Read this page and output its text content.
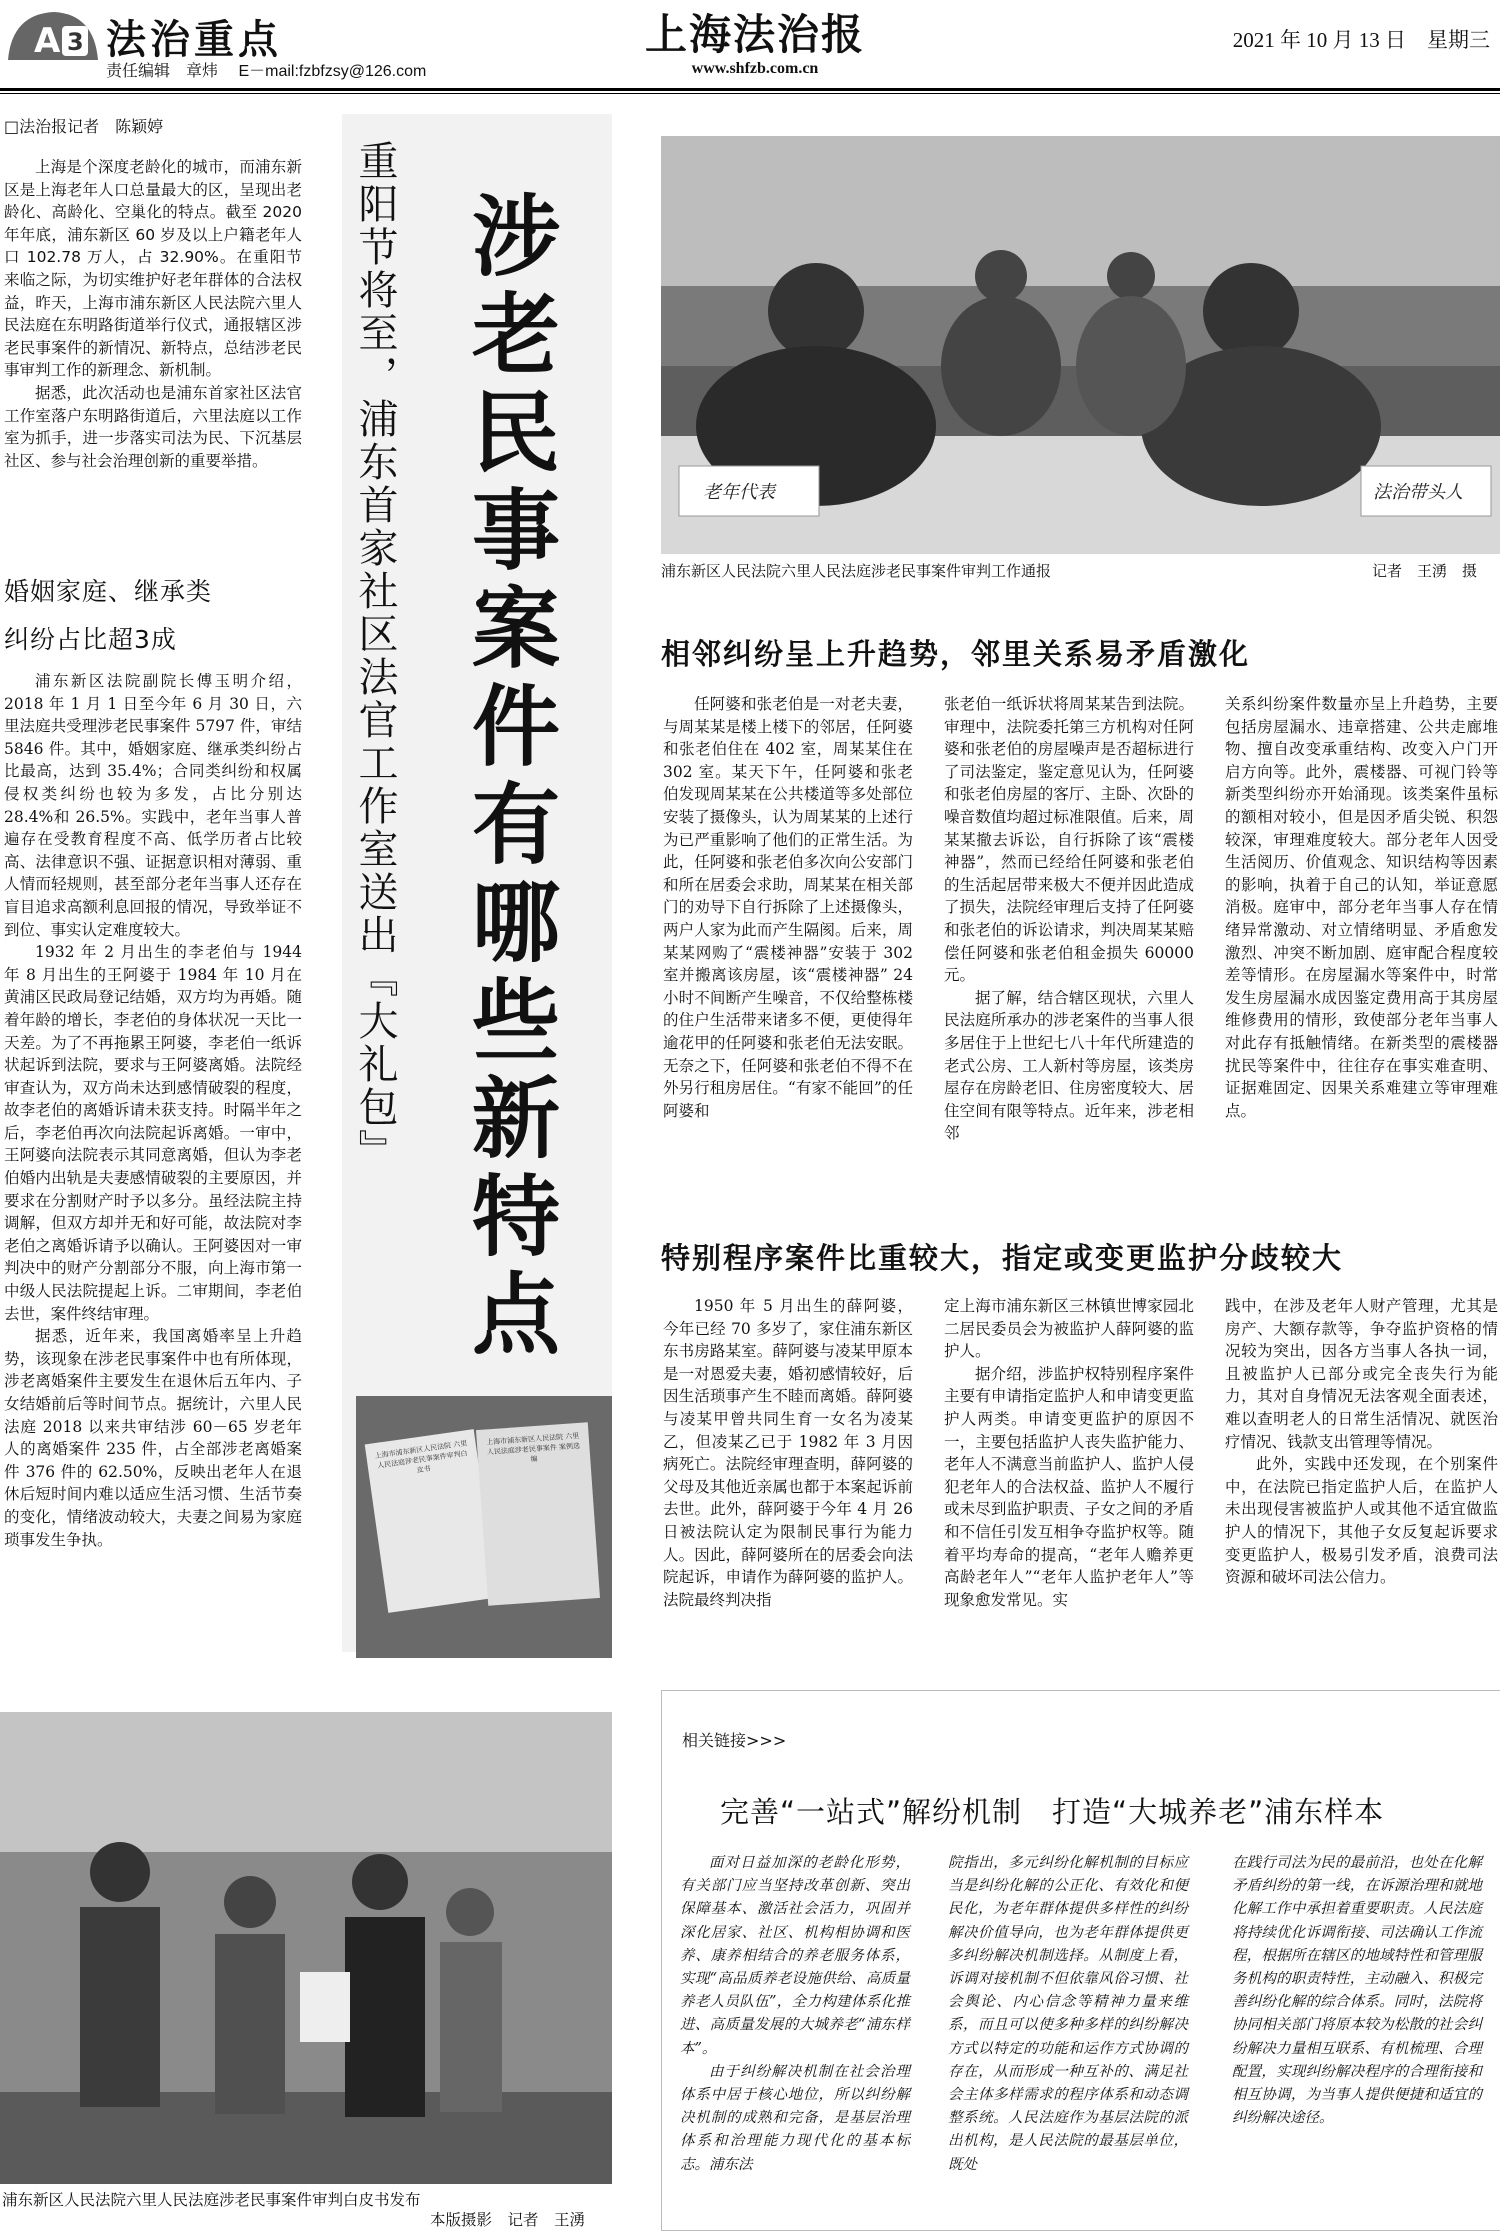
A 3 法治重点
责任编辑　章炜 E－mail:fzbfzsy@126.com
上海法治报
www.shfzb.com.cn
2021 年 10 月 13 日　星期三
□法治报记者　陈颖婷

上海是个深度老龄化的城市，而浦东新区是上海老年人口总量最大的区，呈现出老龄化、高龄化、空巢化的特点。截至 2020 年年底，浦东新区 60 岁及以上户籍老年人口 102.78 万人，占 32.90%。在重阳节来临之际，为切实维护好老年群体的合法权益，昨天，上海市浦东新区人民法院六里人民法庭在东明路街道举行仪式，通报辖区涉老民事案件的新情况、新特点，总结涉老民事审判工作的新理念、新机制。

据悉，此次活动也是浦东首家社区法官工作室落户东明路街道后，六里法庭以工作室为抓手，进一步落实司法为民、下沉基层社区、参与社会治理创新的重要举措。

婚姻家庭、继承类
纠纷占比超3成

浦东新区法院副院长傅玉明介绍，2018 年 1 月 1 日至今年 6 月 30 日，六里法庭共受理涉老民事案件 5797 件，审结 5846 件。其中，婚姻家庭、继承类纠纷占比最高，达到 35.4%；合同类纠纷和权属侵权类纠纷也较为多发，占比分别达 28.4%和 26.5%。实践中，老年当事人普遍存在受教育程度不高、低学历者占比较高、法律意识不强、证据意识相对薄弱、重人情而轻规则，甚至部分老年当事人还存在盲目追求高额利息回报的情况，导致举证不到位、事实认定难度较大。

1932 年 2 月出生的李老伯与 1944 年 8 月出生的王阿婆于 1984 年 10 月在黄浦区民政局登记结婚，双方均为再婚。随着年龄的增长，李老伯的身体状况一天比一天差。为了不再拖累王阿婆，李老伯一纸诉状起诉到法院，要求与王阿婆离婚。法院经审查认为，双方尚未达到感情破裂的程度，故李老伯的离婚诉请未获支持。时隔半年之后，李老伯再次向法院起诉离婚。一审中，王阿婆向法院表示其同意离婚，但认为李老伯婚内出轨是夫妻感情破裂的主要原因，并要求在分割财产时予以多分。虽经法院主持调解，但双方却并无和好可能，故法院对李老伯之离婚诉请予以确认。王阿婆因对一审判决中的财产分割部分不服，向上海市第一中级人民法院提起上诉。二审期间，李老伯去世，案件终结审理。

据悉，近年来，我国离婚率呈上升趋势，该现象在涉老民事案件中也有所体现，涉老离婚案件主要发生在退休后五年内、子女结婚前后等时间节点。据统计，六里人民法庭 2018 以来共审结涉 60－65 岁老年人的离婚案件 235 件，占全部涉老离婚案件 376 件的 62.50%，反映出老年人在退休后短时间内难以适应生活习惯、生活节奏的变化，情绪波动较大，夫妻之间易为家庭琐事发生争执。

重阳节将至，浦东首家社区法官工作室送出『大礼包』 涉老民事案件有哪些新特点
上海市浦东新区人民法院 六里人民法庭涉老民事案件审判白皮书
上海市浦东新区人民法院 六里人民法庭涉老民事案件 案例选编
老年代表	法治带头人
浦东新区人民法院六里人民法庭涉老民事案件审判工作通报	记者　王湧　摄
相邻纠纷呈上升趋势，邻里关系易矛盾激化

任阿婆和张老伯是一对老夫妻，与周某某是楼上楼下的邻居，任阿婆和张老伯住在 402 室，周某某住在 302 室。某天下午，任阿婆和张老伯发现周某某在公共楼道等多处部位安装了摄像头，认为周某某的上述行为已严重影响了他们的正常生活。为此，任阿婆和张老伯多次向公安部门和所在居委会求助，周某某在相关部门的劝导下自行拆除了上述摄像头，两户人家为此而产生隔阂。后来，周某某网购了“震楼神器”安装于 302 室并搬离该房屋，该“震楼神器” 24 小时不间断产生噪音，不仅给整栋楼的住户生活带来诸多不便，更使得年逾花甲的任阿婆和张老伯无法安眠。无奈之下，任阿婆和张老伯不得不在外另行租房居住。“有家不能回”的任阿婆和

张老伯一纸诉状将周某某告到法院。审理中，法院委托第三方机构对任阿婆和张老伯的房屋噪声是否超标进行了司法鉴定，鉴定意见认为，任阿婆和张老伯房屋的客厅、主卧、次卧的噪音数值均超过标准限值。后来，周某某撤去诉讼，自行拆除了该“震楼神器”，然而已经给任阿婆和张老伯的生活起居带来极大不便并因此造成了损失，法院经审理后支持了任阿婆和张老伯的诉讼请求，判决周某某赔偿任阿婆和张老伯租金损失 60000 元。

据了解，结合辖区现状，六里人民法庭所承办的涉老案件的当事人很多居住于上世纪七八十年代所建造的老式公房、工人新村等房屋，该类房屋存在房龄老旧、住房密度较大、居住空间有限等特点。近年来，涉老相邻

关系纠纷案件数量亦呈上升趋势，主要包括房屋漏水、违章搭建、公共走廊堆物、擅自改变承重结构、改变入户门开启方向等。此外，震楼器、可视门铃等新类型纠纷亦开始涌现。该类案件虽标的额相对较小，但是因矛盾尖锐、积怨较深，审理难度较大。部分老年人因受生活阅历、价值观念、知识结构等因素的影响，执着于自己的认知，举证意愿消极。庭审中，部分老年当事人存在情绪异常激动、对立情绪明显、矛盾愈发激烈、冲突不断加剧、庭审配合程度较差等情形。在房屋漏水等案件中，时常发生房屋漏水成因鉴定费用高于其房屋维修费用的情形，致使部分老年当事人对此存有抵触情绪。在新类型的震楼器扰民等案件中，往往存在事实难查明、证据难固定、因果关系难建立等审理难点。

特别程序案件比重较大，指定或变更监护分歧较大

1950 年 5 月出生的薛阿婆，今年已经 70 多岁了，家住浦东新区东书房路某室。薛阿婆与凌某甲原本是一对恩爱夫妻，婚初感情较好，后因生活琐事产生不睦而离婚。薛阿婆与凌某甲曾共同生育一女名为凌某乙，但凌某乙已于 1982 年 3 月因病死亡。法院经审理查明，薛阿婆的父母及其他近亲属也都于本案起诉前去世。此外，薛阿婆于今年 4 月 26 日被法院认定为限制民事行为能力人。因此，薛阿婆所在的居委会向法院起诉，申请作为薛阿婆的监护人。法院最终判决指

定上海市浦东新区三林镇世博家园北二居民委员会为被监护人薛阿婆的监护人。

据介绍，涉监护权特别程序案件主要有申请指定监护人和申请变更监护人两类。申请变更监护的原因不一，主要包括监护人丧失监护能力、老年人不满意当前监护人、监护人侵犯老年人的合法权益、监护人不履行或未尽到监护职责、子女之间的矛盾和不信任引发互相争夺监护权等。随着平均寿命的提高，“老年人赡养更高龄老年人”“老年人监护老年人”等现象愈发常见。实

践中，在涉及老年人财产管理，尤其是房产、大额存款等，争夺监护资格的情况较为突出，因各方当事人各执一词，且被监护人已部分或完全丧失行为能力，其对自身情况无法客观全面表述，难以查明老人的日常生活情况、就医治疗情况、钱款支出管理等情况。

此外，实践中还发现，在个别案件中，在法院已指定监护人后，在监护人未出现侵害被监护人或其他不适宜做监护人的情况下，其他子女反复起诉要求变更监护人，极易引发矛盾，浪费司法资源和破坏司法公信力。

浦东新区人民法院六里人民法庭涉老民事案件审判白皮书发布
本版摄影　记者　王湧
相关链接>>>
完善“一站式”解纷机制　打造“大城养老”浦东样本

面对日益加深的老龄化形势，有关部门应当坚持改革创新、突出保障基本、激活社会活力，巩固并深化居家、社区、机构相协调和医养、康养相结合的养老服务体系，实现“高品质养老设施供给、高质量养老人员队伍”，全力构建体系化推进、高质量发展的大城养老“浦东样本”。

由于纠纷解决机制在社会治理体系中居于核心地位，所以纠纷解决机制的成熟和完备，是基层治理体系和治理能力现代化的基本标志。浦东法

院指出，多元纠纷化解机制的目标应当是纠纷化解的公正化、有效化和便民化，为老年群体提供多样性的纠纷解决价值导向，也为老年群体提供更多纠纷解决机制选择。从制度上看，诉调对接机制不但依靠风俗习惯、社会舆论、内心信念等精神力量来维系，而且可以使多种多样的纠纷解决方式以特定的功能和运作方式协调的存在，从而形成一种互补的、满足社会主体多样需求的程序体系和动态调整系统。人民法庭作为基层法院的派出机构，是人民法院的最基层单位，既处

在践行司法为民的最前沿，也处在化解矛盾纠纷的第一线，在诉源治理和就地化解工作中承担着重要职责。人民法庭将持续优化诉调衔接、司法确认工作流程，根据所在辖区的地域特性和管理服务机构的职责特性，主动融入、积极完善纠纷化解的综合体系。同时，法院将协同相关部门将原本较为松散的社会纠纷解决力量相互联系、有机梳理、合理配置，实现纠纷解决程序的合理衔接和相互协调，为当事人提供便捷和适宜的纠纷解决途径。
